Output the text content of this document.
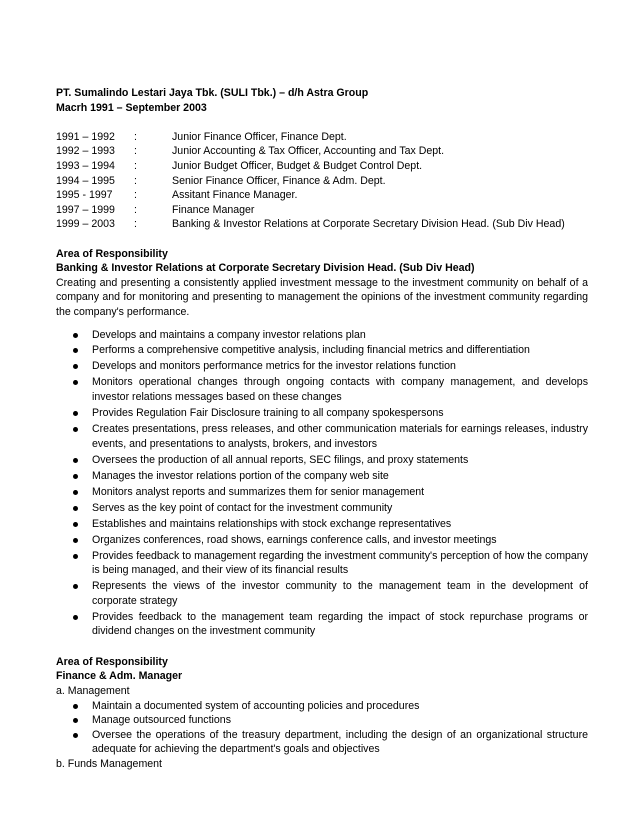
PT. Sumalindo Lestari Jaya Tbk. (SULI Tbk.) – d/h Astra Group
Macrh 1991 – September 2003
1991 – 1992	:	Junior Finance Officer, Finance Dept.
1992 – 1993	:	Junior Accounting & Tax Officer, Accounting and Tax Dept.
1993 – 1994	:	Junior Budget Officer, Budget & Budget Control Dept.
1994 – 1995	:	Senior Finance Officer, Finance & Adm. Dept.
1995 - 1997	:	Assitant Finance Manager.
1997 – 1999	:	Finance Manager
1999 – 2003	:	Banking & Investor Relations at Corporate Secretary Division Head. (Sub Div Head)
Area of Responsibility
Banking & Investor Relations at Corporate Secretary Division Head. (Sub Div Head)
Creating and presenting a consistently applied investment message to the investment community on behalf of a company and for monitoring and presenting to management the opinions of the investment community regarding the company's performance.
Develops and maintains a company investor relations plan
Performs a comprehensive competitive analysis, including financial metrics and differentiation
Develops and monitors performance metrics for the investor relations function
Monitors operational changes through ongoing contacts with company management, and develops investor relations messages based on these changes
Provides Regulation Fair Disclosure training to all company spokespersons
Creates presentations, press releases, and other communication materials for earnings releases, industry events, and presentations to analysts, brokers, and investors
Oversees the production of all annual reports, SEC filings, and proxy statements
Manages the investor relations portion of the company web site
Monitors analyst reports and summarizes them for senior management
Serves as the key point of contact for the investment community
Establishes and maintains relationships with stock exchange representatives
Organizes conferences, road shows, earnings conference calls, and investor meetings
Provides feedback to management regarding the investment community's perception of how the company is being managed, and their view of its financial results
Represents the views of the investor community to the management team in the development of corporate strategy
Provides feedback to the management team regarding the impact of stock repurchase programs or dividend changes on the investment community
Area of Responsibility
Finance & Adm. Manager
a. Management
Maintain a documented system of accounting policies and procedures
Manage outsourced functions
Oversee the operations of the treasury department, including the design of an organizational structure adequate for achieving the department's goals and objectives
b. Funds Management
